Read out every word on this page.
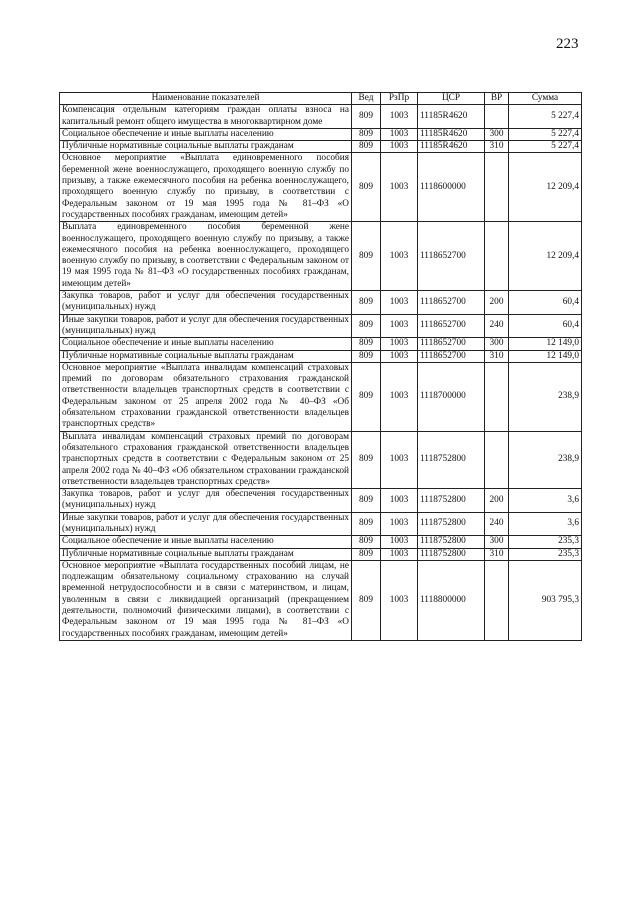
223
Наименование показателей	Вед	РзПр	ЦСР	ВР	Сумма
Компенсация отдельным категориям граждан оплаты взноса на капитальный ремонт общего имущества в многоквартирном доме	809	1003	11185R4620		5 227,4
Социальное обеспечение и иные выплаты населению	809	1003	11185R4620	300	5 227,4
Публичные нормативные социальные выплаты гражданам	809	1003	11185R4620	310	5 227,4
Основное мероприятие «Выплата единовременного пособия беременной жене военнослужащего, проходящего военную службу по призыву, а также ежемесячного пособия на ребенка военнослужащего, проходящего военную службу по призыву, в соответствии с Федеральным законом от 19 мая 1995 года № 81–ФЗ «О государственных пособиях гражданам, имеющим детей»	809	1003	1118600000		12 209,4
Выплата единовременного пособия беременной жене военнослужащего, проходящего военную службу по призыву, а также ежемесячного пособия на ребенка военнослужащего, проходящего военную службу по призыву, в соответствии с Федеральным законом от 19 мая 1995 года № 81–ФЗ «О государственных пособиях гражданам, имеющим детей»	809	1003	1118652700		12 209,4
Закупка товаров, работ и услуг для обеспечения государственных (муниципальных) нужд	809	1003	1118652700	200	60,4
Иные закупки товаров, работ и услуг для обеспечения государственных (муниципальных) нужд	809	1003	1118652700	240	60,4
Социальное обеспечение и иные выплаты населению	809	1003	1118652700	300	12 149,0
Публичные нормативные социальные выплаты гражданам	809	1003	1118652700	310	12 149,0
Основное мероприятие «Выплата инвалидам компенсаций страховых премий по договорам обязательного страхования гражданской ответственности владельцев транспортных средств в соответствии с Федеральным законом от 25 апреля 2002 года № 40–ФЗ «Об обязательном страховании гражданской ответственности владельцев транспортных средств»	809	1003	1118700000		238,9
Выплата инвалидам компенсаций страховых премий по договорам обязательного страхования гражданской ответственности владельцев транспортных средств в соответствии с Федеральным законом от 25 апреля 2002 года № 40–ФЗ «Об обязательном страховании гражданской ответственности владельцев транспортных средств»	809	1003	1118752800		238,9
Закупка товаров, работ и услуг для обеспечения государственных (муниципальных) нужд	809	1003	1118752800	200	3,6
Иные закупки товаров, работ и услуг для обеспечения государственных (муниципальных) нужд	809	1003	1118752800	240	3,6
Социальное обеспечение и иные выплаты населению	809	1003	1118752800	300	235,3
Публичные нормативные социальные выплаты гражданам	809	1003	1118752800	310	235,3
Основное мероприятие «Выплата государственных пособий лицам, не подлежащим обязательному социальному страхованию на случай временной нетрудоспособности и в связи с материнством, и лицам, уволенным в связи с ликвидацией организаций (прекращением деятельности, полномочий физическими лицами), в соответствии с Федеральным законом от 19 мая 1995 года № 81–ФЗ «О государственных пособиях гражданам, имеющим детей»	809	1003	1118800000		903 795,3
